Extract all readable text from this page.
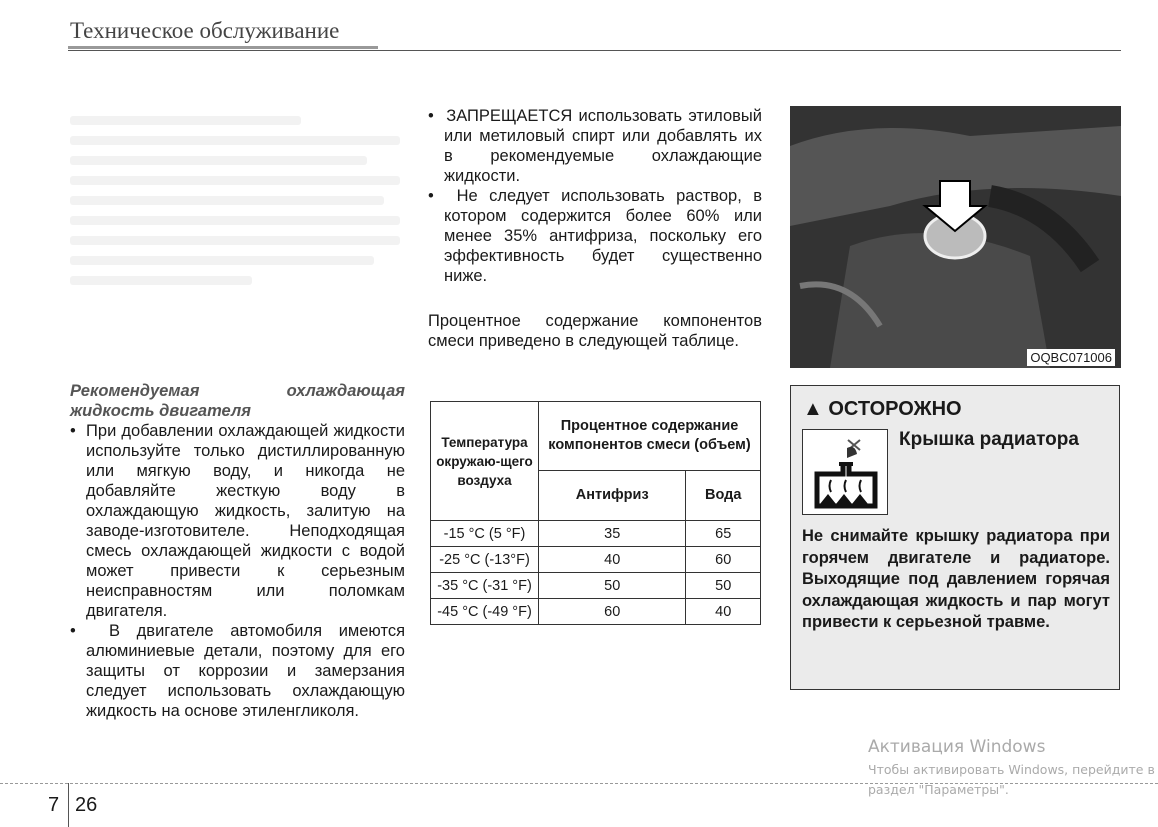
Техническое обслуживание
Рекомендуемая охлаждающая жидкость двигателя

•  При добавлении охлаждающей жидкости используйте только дистиллированную или мягкую воду, и никогда не добавляйте жесткую воду в охлаждающую жидкость, залитую на заводе-изготовителе. Неподходящая смесь охлаждающей жидкости с водой может привести к серьезным неисправностям или поломкам двигателя.

•  В двигателе автомобиля имеются алюминиевые детали, поэтому для его защиты от коррозии и замерзания следует использовать охлаждающую жидкость на основе этиленгликоля.

•  ЗАПРЕЩАЕТСЯ использовать этиловый или метиловый спирт или добавлять их в рекомендуемые охлаждающие жидкости.

•  Не следует использовать раствор, в котором содержится более 60% или менее 35% антифриза, поскольку его эффективность будет существенно ниже.

Процентное содержание компонентов смеси приведено в следующей таблице.

Температура окружаю-щего воздуха	Процентное содержание компонентов смеси (объем)	
	Антифриз	Вода
-15 °C (5 °F)	35	65
-25 °C (-13°F)	40	60
-35 °C (-31 °F)	50	50
-45 °C (-49 °F)	60	40
OQBC071006
▲ ОСТОРОЖНО
Крышка радиатора
Не снимайте крышку радиатора при горячем двигателе и радиаторе. Выходящие под давлением горячая охлаждающая жидкость и пар могут привести к серьезной травме.
7 26
Активация Windows
Чтобы активировать Windows, перейдите в
раздел "Параметры".
